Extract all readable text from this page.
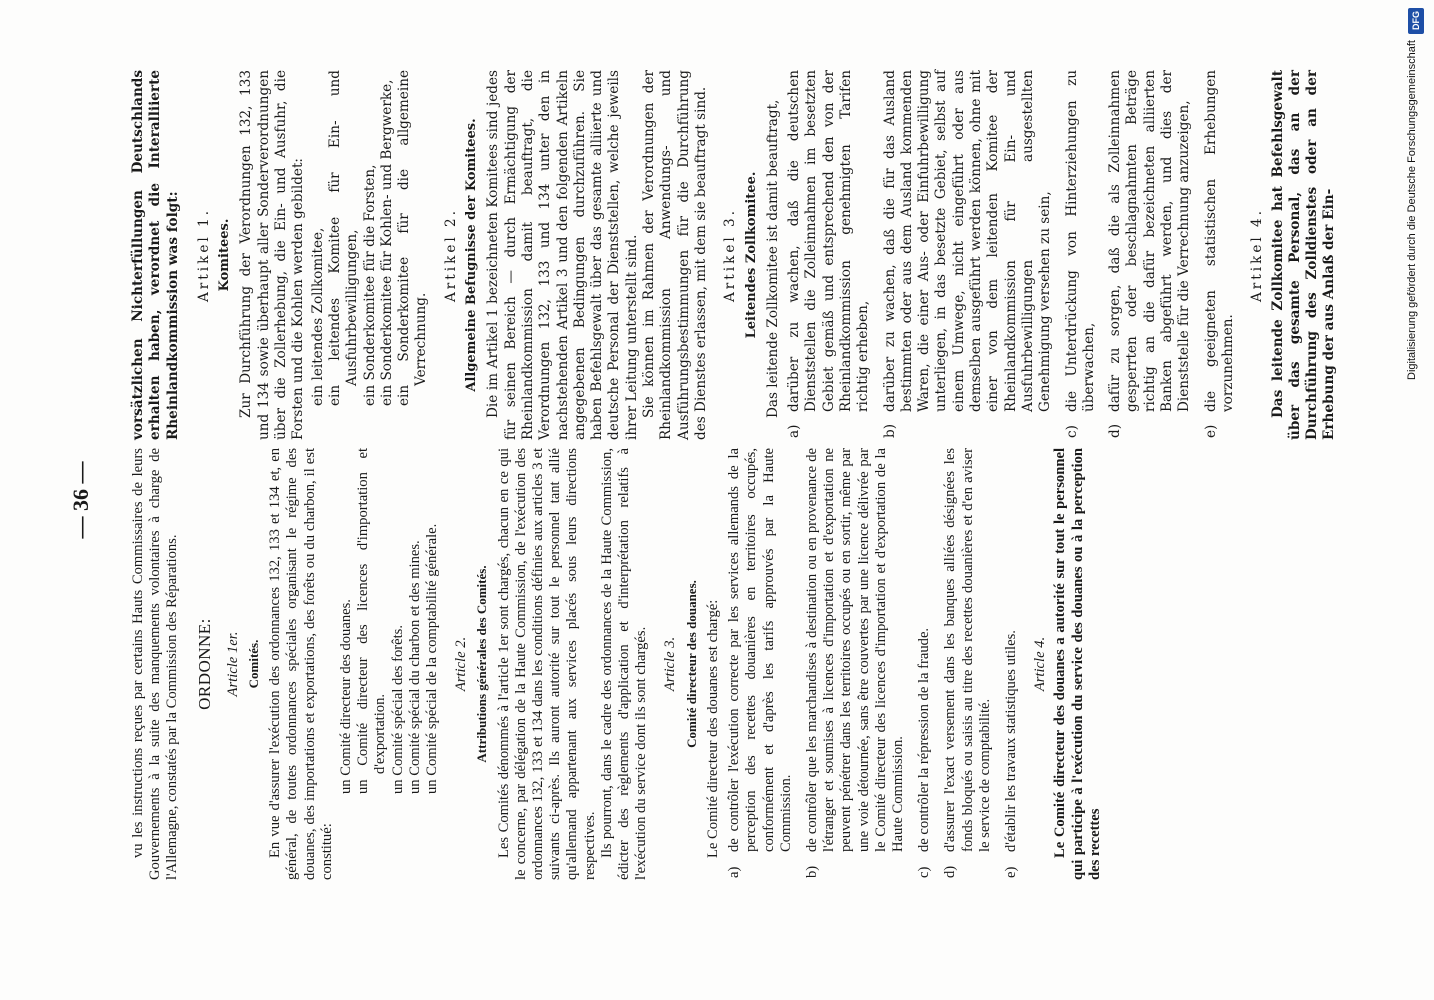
— 36 —	vu les instructions reçues par certains Hauts Commissaires de leurs Gouvernements à la suite des manquements volontaires à charge de l'Allemagne, constatés par la Commission des Réparations. ORDONNE: Article 1er. Comités. En vue d'assurer l'exécution des ordonnances 132, 133 et 134 et, en général, de toutes ordonnances spéciales organisant le régime des douanes, des importations et exportations, des forêts ou du charbon, il est constitué:

un Comité directeur des douanes. un Comité directeur des licences d'importation et d'exportation. un Comité spécial des forêts. un Comité spécial du charbon et des mines. un Comité spécial de la comptabilité générale. Article 2. Attributions générales des Comités. Les Comités dénommés à l'article 1er sont chargés, chacun en ce qui le concerne, par délégation de la Haute Commission, de l'exécution des ordonnances 132, 133 et 134 dans les conditions définies aux articles 3 et suivants ci-après. Ils auront autorité sur tout le personnel tant allié qu'allemand appartenant aux services placés sous leurs directions respectives. Ils pourront, dans le cadre des ordonnances de la Haute Commission, édicter des règlements d'application et d'interprétation relatifs à l'exécution du service dont ils sont chargés. Article 3. Comité directeur des douanes. Le Comité directeur des douanes est chargé:

a)
de contrôler l'exécution correcte par les services allemands de la perception des recettes douanières en territoires occupés, conformément et d'après les tarifs approuvés par la Haute Commission.
b)
de contrôler que les marchandises à destination ou en provenance de l'étranger et soumises à licences d'importation et d'exportation ne peuvent pénétrer dans les territoires occupés ou en sortir, même par une voie détournée, sans être couvertes par une licence délivrée par le Comité directeur des licences d'importation et d'exportation de la Haute Commission.
c)
de contrôler la répression de la fraude.
d)
d'assurer l'exact versement dans les banques alliées désignées les fonds bloqués ou saisis au titre des recettes douanières et d'en aviser le service de comptabilité.
e)
d'établir les travaux statistiques utiles. Article 4. Le Comité directeur des douanes a autorité sur tout le personnel qui participe à l'exécution du service des douanes ou à la perception des recettes

vorsätzlichen Nichterfüllungen Deutschlands erhalten haben, verordnet die Interalliierte Rheinlandkommission was folgt: Artikel 1. Komitees. Zur Durchführung der Verordnungen 132, 133 und 134 sowie überhaupt aller Sonderverordnungen über die Zollerhebung, die Ein- und Ausfuhr, die Forsten und die Kohlen werden gebildet: ein leitendes Zollkomitee, ein leitendes Komitee für Ein- und Ausfuhrbewilligungen, ein Sonderkomitee für die Forsten, ein Sonderkomitee für Kohlen- und Bergwerke, ein Sonderkomitee für die allgemeine Verrechnung.

Artikel 2. Allgemeine Befugnisse der Komitees. Die im Artikel 1 bezeichneten Komitees sind jedes für seinen Bereich — durch Ermächtigung der Rheinlandkommission damit beauftragt, die Verordnungen 132, 133 und 134 unter den in nachstehenden Artikel 3 und den folgenden Artikeln angegebenen Bedingungen durchzuführen. Sie haben Befehlsgewalt über das gesamte alliierte und deutsche Personal der Dienststellen, welche jeweils ihrer Leitung unterstellt sind. Sie können im Rahmen der Verordnungen der Rheinlandkommission Anwendungs- und Ausführungsbestimmungen für die Durchführung des Dienstes erlassen, mit dem sie beauftragt sind. Artikel 3. Leitendes Zollkomitee. Das leitende Zollkomitee ist damit beauftragt,

a)
darüber zu wachen, daß die deutschen Dienststellen die Zolleinnahmen im besetzten Gebiet gemäß und entsprechend den von der Rheinlandkommission genehmigten Tarifen richtig erheben,
b)
darüber zu wachen, daß die für das Ausland bestimmten oder aus dem Ausland kommenden Waren, die einer Aus- oder Einfuhrbewilligung unterliegen, in das besetzte Gebiet, selbst auf einem Umwege, nicht eingeführt oder aus demselben ausgeführt werden können, ohne mit einer von dem leitenden Komitee der Rheinlandkommission für Ein- und Ausfuhrbewilligungen ausgestellten Genehmigung versehen zu sein,
c)
die Unterdrückung von Hinterziehungen zu überwachen,
d)
dafür zu sorgen, daß die als Zolleinnahmen gesperrten oder beschlagnahmten Beträge richtig an die dafür bezeichneten alliierten Banken abgeführt werden, und dies der Dienststelle für die Verrechnung anzuzeigen,
e)
die geeigneten statistischen Erhebungen vorzunehmen.

Artikel 4. Das leitende Zollkomitee hat Befehlsgewalt über das gesamte Personal, das an der Durchführung des Zolldienstes oder an der Erhebung der aus Anlaß der Ein-

DFG
Digitalisierung gefördert durch die Deutsche Forschungsgemeinschaft
